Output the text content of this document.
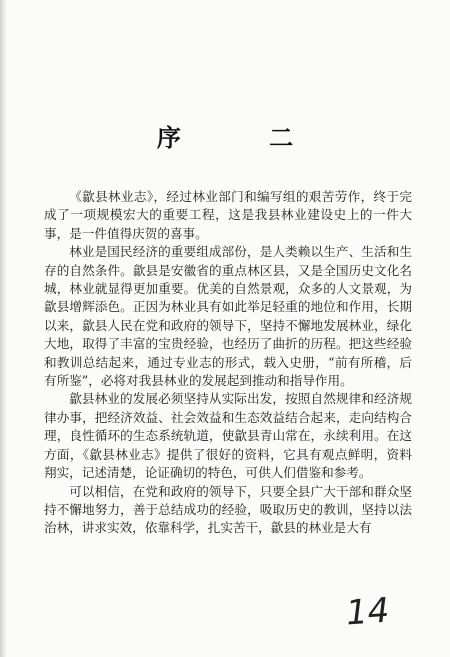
序 二

《歙县林业志》，经过林业部门和编写组的艰苦劳作，终于完成了一项规模宏大的重要工程，这是我县林业建设史上的一件大事，是一件值得庆贺的喜事。

林业是国民经济的重要组成部份，是人类赖以生产、生活和生存的自然条件。歙县是安徽省的重点林区县，又是全国历史文化名城，林业就显得更加重要。优美的自然景观，众多的人文景观，为歙县增辉添色。正因为林业具有如此举足轻重的地位和作用，长期以来，歙县人民在党和政府的领导下，坚持不懈地发展林业，绿化大地，取得了丰富的宝贵经验，也经历了曲折的历程。把这些经验和教训总结起来，通过专业志的形式，载入史册，“前有所稽，后有所鉴”，必将对我县林业的发展起到推动和指导作用。

歙县林业的发展必须坚持从实际出发，按照自然规律和经济规律办事，把经济效益、社会效益和生态效益结合起来，走向结构合理，良性循环的生态系统轨道，使歙县青山常在，永续利用。在这方面，《歙县林业志》提供了很好的资料，它具有观点鲜明，资料翔实，记述清楚，论证确切的特色，可供人们借鉴和参考。

可以相信，在党和政府的领导下，只要全县广大干部和群众坚持不懈地努力，善于总结成功的经验，吸取历史的教训，坚持以法治林，讲求实效，依靠科学，扎实苦干，歙县的林业是大有

14
